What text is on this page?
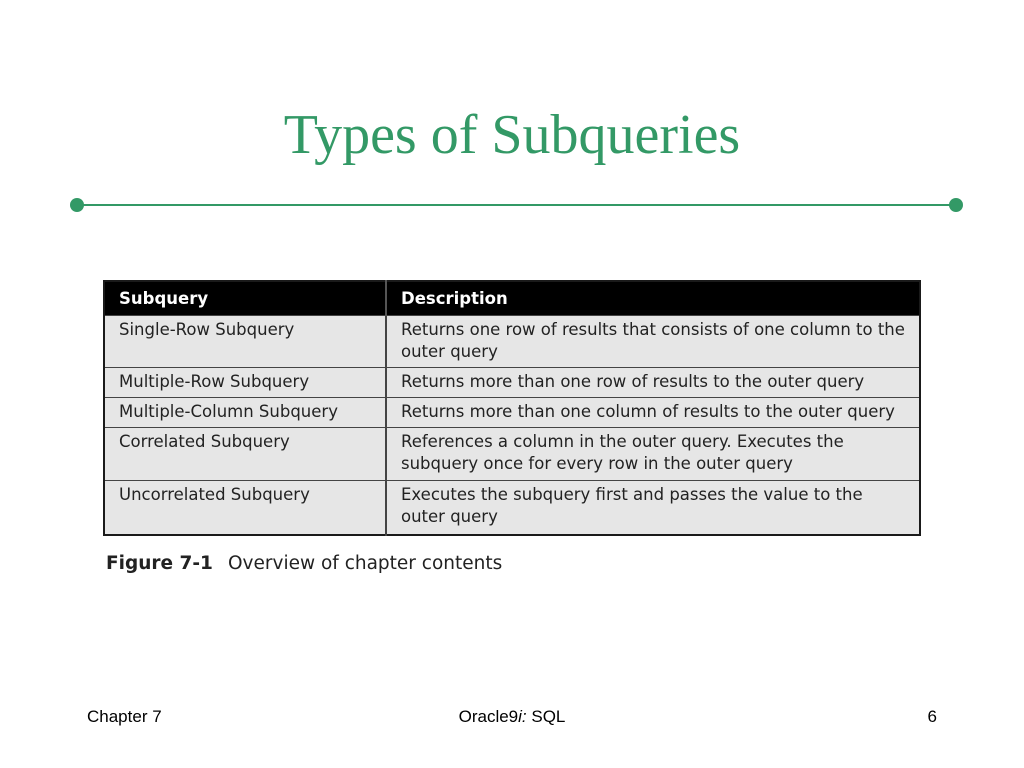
Types of Subqueries
Subquery	Description
Single-Row Subquery	Returns one row of results that consists of one column to the outer query
Multiple-Row Subquery	Returns more than one row of results to the outer query
Multiple-Column Subquery	Returns more than one column of results to the outer query
Correlated Subquery	References a column in the outer query. Executes the subquery once for every row in the outer query
Uncorrelated Subquery	Executes the subquery first and passes the value to the outer query
Figure 7-1 Overview of chapter contents
Chapter 7	Oracle9i: SQL	6
